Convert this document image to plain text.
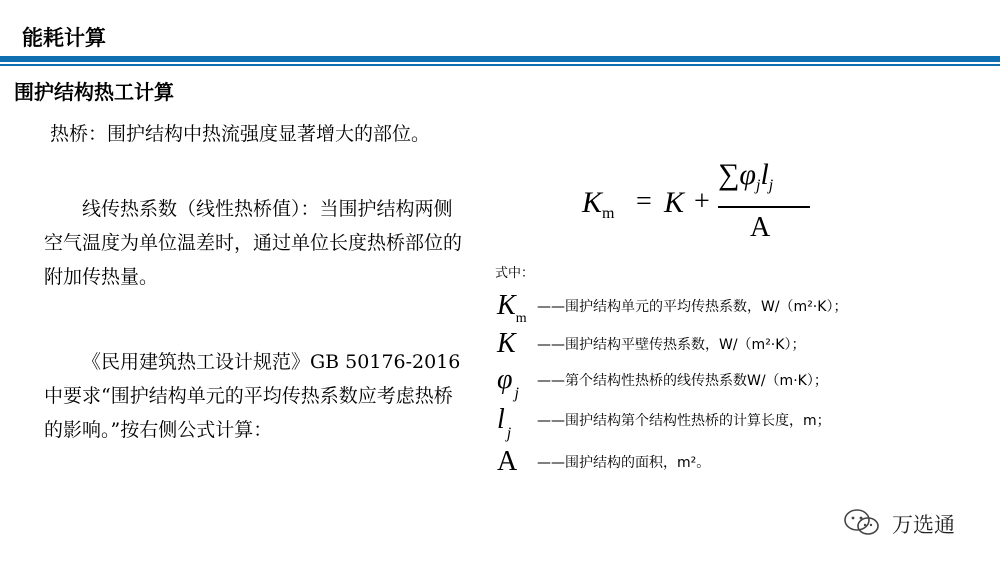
能耗计算
围护结构热工计算
热桥：围护结构中热流强度显著增大的部位。
线传热系数（线性热桥值）：当围护结构两侧空气温度为单位温差时，通过单位长度热桥部位的附加传热量。
《民用建筑热工设计规范》GB 50176-2016中要求“围护结构单元的平均传热系数应考虑热桥的影响。”按右侧公式计算：
$K_m = K$ +
$\sum\varphi_jl_j$
A
式中：
$K_m$
——围护结构单元的平均传热系数，W/（m²·K）；
K ——围护结构平壁传热系数，W/（m²·K）；
φ $_j$
——第个结构性热桥的线传热系数W/（m·K）；
l $_j$
——围护结构第个结构性热桥的计算长度，m；
A ——围护结构的面积，m²。
万选通
